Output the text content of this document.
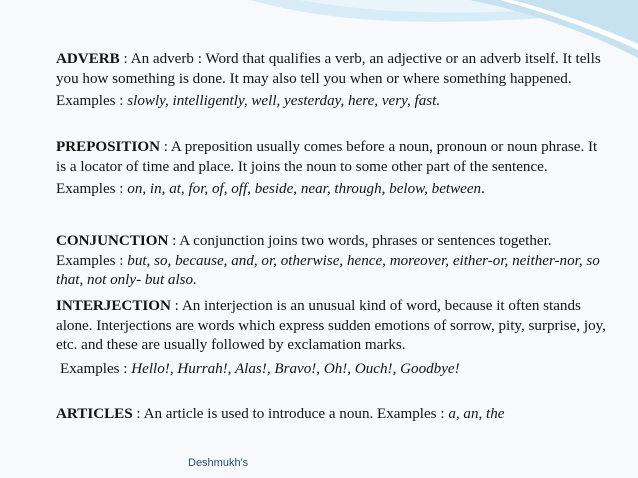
ADVERB : An adverb : Word that qualifies a verb, an adjective or an adverb itself. It tells you how something is done. It may also tell you when or where something happened.

Examples : slowly, intelligently, well, yesterday, here, very, fast.

PREPOSITION : A preposition usually comes before a noun, pronoun or noun phrase. It is a locator of time and place. It joins the noun to some other part of the sentence.

Examples : on, in, at, for, of, off, beside, near, through, below, between.

CONJUNCTION : A conjunction joins two words, phrases or sentences together. Examples : but, so, because, and, or, otherwise, hence, moreover, either-or, neither-nor, so that, not only- but also.

INTERJECTION : An interjection is an unusual kind of word, because it often stands alone. Interjections are words which express sudden emotions of sorrow, pity, surprise, joy, etc. and these are usually followed by exclamation marks.

Examples : Hello!, Hurrah!, Alas!, Bravo!, Oh!, Ouch!, Goodbye!

ARTICLES : An article is used to introduce a noun. Examples : a, an, the

Deshmukh's
